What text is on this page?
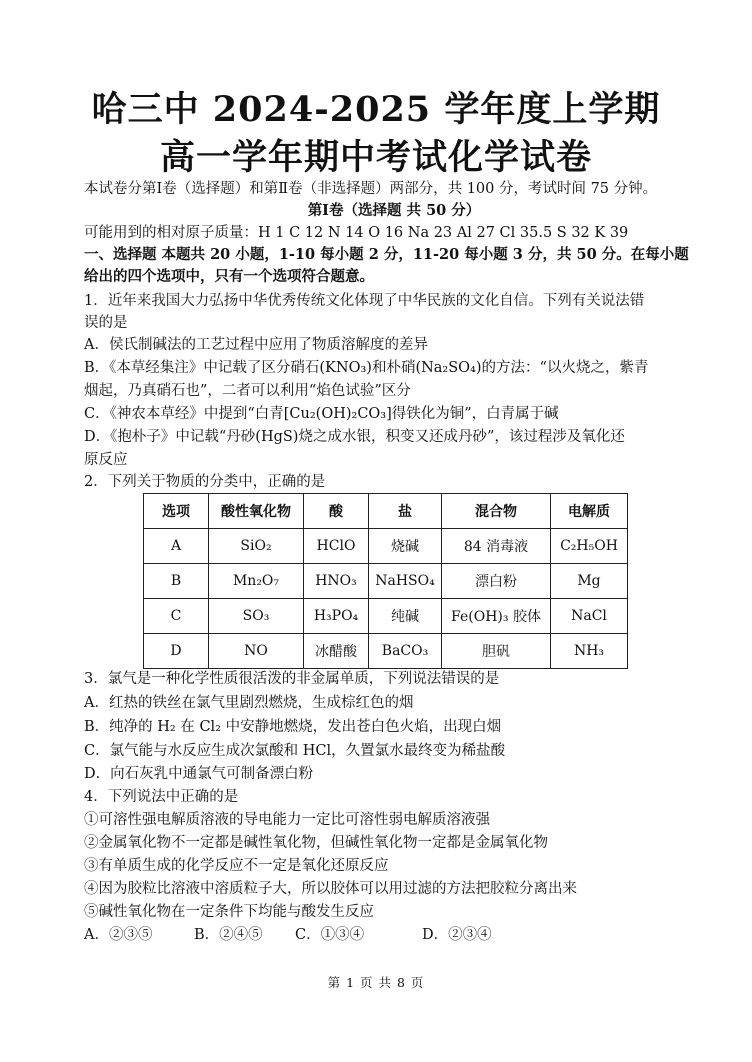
哈三中 2024-2025 学年度上学期
高一学年期中考试化学试卷
本试卷分第Ⅰ卷（选择题）和第Ⅱ卷（非选择题）两部分，共 100 分，考试时间 75 分钟。
第Ⅰ卷（选择题 共 50 分）
可能用到的相对原子质量：H 1 C 12 N 14 O 16 Na 23 Al 27 Cl 35.5 S 32 K 39
一、选择题 本题共 20 小题，1-10 每小题 2 分，11-20 每小题 3 分，共 50 分。在每小题
给出的四个选项中，只有一个选项符合题意。
1．近年来我国大力弘扬中华优秀传统文化体现了中华民族的文化自信。下列有关说法错
误的是
A．侯氏制碱法的工艺过程中应用了物质溶解度的差异
B．《本草经集注》中记载了区分硝石(KNO₃)和朴硝(Na₂SO₄)的方法：“以火烧之，紫青
烟起，乃真硝石也”，二者可以利用“焰色试验”区分
C．《神农本草经》中提到“白青[Cu₂(OH)₂CO₃]得铁化为铜”，白青属于碱
D．《抱朴子》中记载“丹砂(HgS)烧之成水银，积变又还成丹砂”，该过程涉及氧化还
原反应
2．下列关于物质的分类中，正确的是
选项	酸性氧化物	酸	盐	混合物	电解质
A	SiO₂	HClO	烧碱	84 消毒液	C₂H₅OH
B	Mn₂O₇	HNO₃	NaHSO₄	漂白粉	Mg
C	SO₃	H₃PO₄	纯碱	Fe(OH)₃ 胶体	NaCl
D	NO	冰醋酸	BaCO₃	胆矾	NH₃
3．氯气是一种化学性质很活泼的非金属单质，下列说法错误的是
A．红热的铁丝在氯气里剧烈燃烧，生成棕红色的烟
B．纯净的 H₂ 在 Cl₂ 中安静地燃烧，发出苍白色火焰，出现白烟
C．氯气能与水反应生成次氯酸和 HCl，久置氯水最终变为稀盐酸
D．向石灰乳中通氯气可制备漂白粉
4．下列说法中正确的是
①可溶性强电解质溶液的导电能力一定比可溶性弱电解质溶液强
②金属氧化物不一定都是碱性氧化物，但碱性氧化物一定都是金属氧化物
③有单质生成的化学反应不一定是氧化还原反应
④因为胶粒比溶液中溶质粒子大，所以胶体可以用过滤的方法把胶粒分离出来
⑤碱性氧化物在一定条件下均能与酸发生反应
A．②③⑤	B．②④⑤	C．①③④	D．②③④
第 1 页 共 8 页
